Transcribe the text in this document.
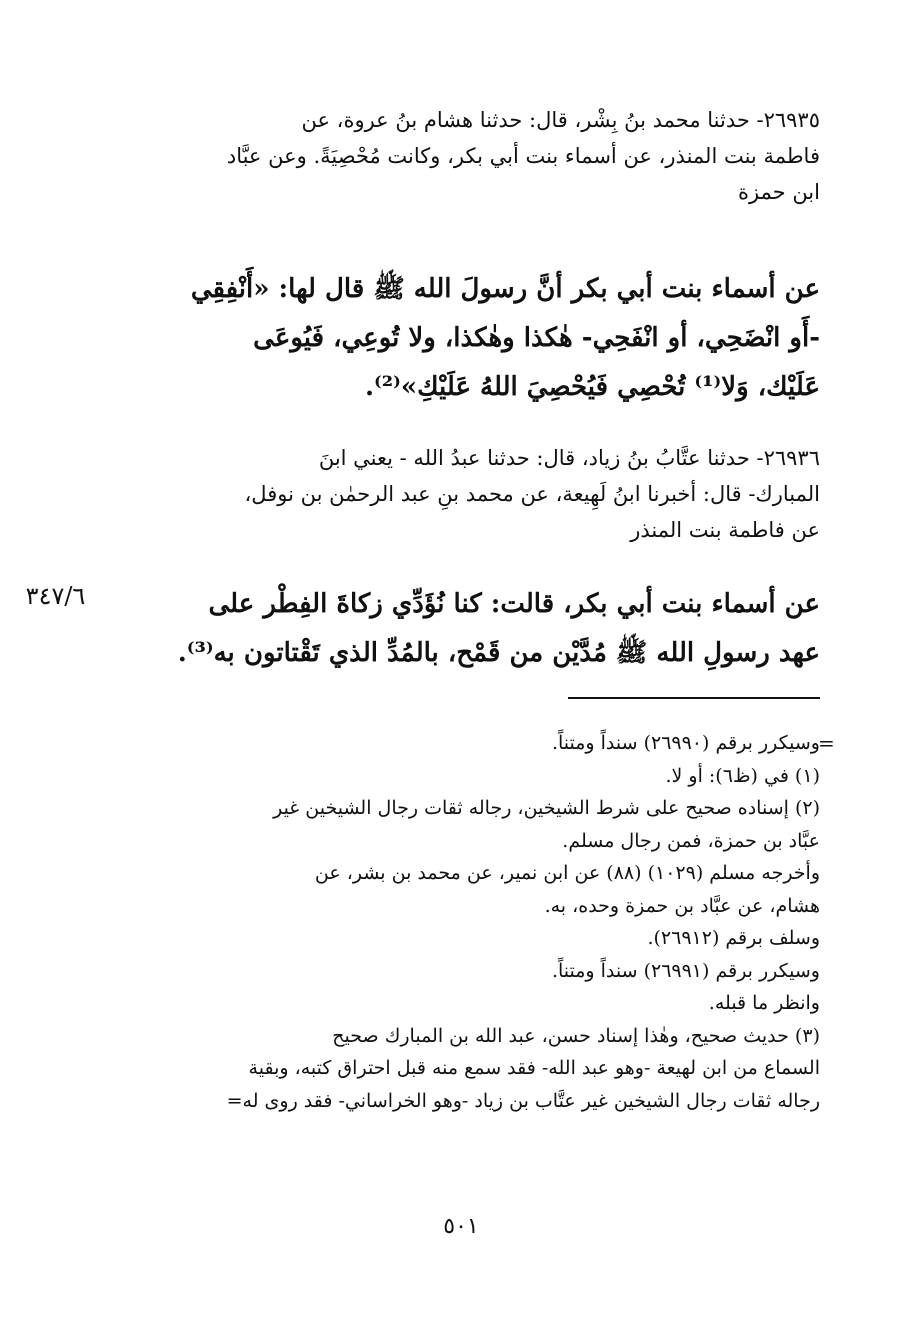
٢٦٩٣٥- حدثنا محمد بنُ بِشْر، قال: حدثنا هشام بنُ عروة، عن
فاطمة بنت المنذر، عن أسماء بنت أبي بكر، وكانت مُحْصِيَةً. وعن عبَّاد
ابن حمزة
عن أسماء بنت أبي بكر أنَّ رسولَ الله ﷺ قال لها: «أَنْفِقِي
-أَو انْضَحِي، أو انْفَحِي- هٰكذا وهٰكذا، ولا تُوعِي، فَيُوعَى
عَلَيْك، وَلا⁽¹⁾ تُحْصِي فَيُحْصِيَ اللهُ عَلَيْكِ»⁽²⁾.
٢٦٩٣٦- حدثنا عتَّابُ بنُ زياد، قال: حدثنا عبدُ الله - يعني ابنَ
المبارك- قال: أخبرنا ابنُ لَهِيعة، عن محمد بنِ عبد الرحمٰن بن نوفل،
عن فاطمة بنت المنذر
عن أسماء بنت أبي بكر، قالت: كنا نُؤَدِّي زكاةَ الفِطْر على
عهد رسولِ الله ﷺ مُدَّيْن من قَمْح، بالمُدِّ الذي تَقْتاتون به⁽³⁾.
٣٤٧/٦
=
وسيكرر برقم (٢٦٩٩٠) سنداً ومتناً.
(١) في (ظ٦): أو لا.
(٢) إسناده صحيح على شرط الشيخين، رجاله ثقات رجال الشيخين غير
عبَّاد بن حمزة، فمن رجال مسلم.
وأخرجه مسلم (١٠٢٩) (٨٨) عن ابن نمير، عن محمد بن بشر، عن
هشام، عن عبَّاد بن حمزة وحده، به.
وسلف برقم (٢٦٩١٢).
وسيكرر برقم (٢٦٩٩١) سنداً ومتناً.
وانظر ما قبله.
(٣) حديث صحيح، وهٰذا إسناد حسن، عبد الله بن المبارك صحيح
السماع من ابن لهيعة -وهو عبد الله- فقد سمع منه قبل احتراق كتبه، وبقية
رجاله ثقات رجال الشيخين غير عتَّاب بن زياد -وهو الخراساني- فقد روى له=
٥٠١
